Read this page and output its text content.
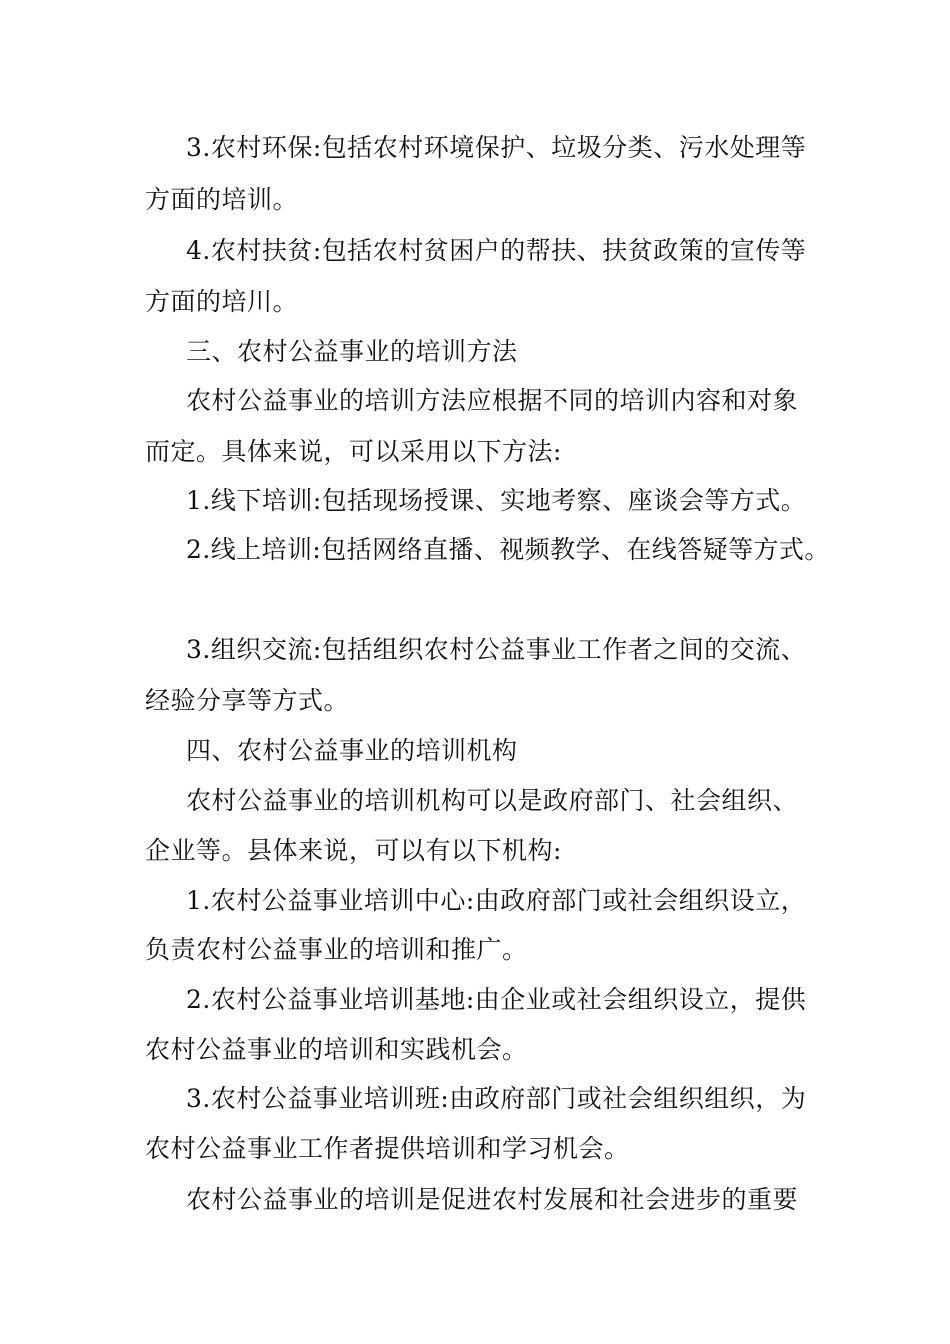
3.农村环保:包括农村环境保护、垃圾分类、污水处理等
方面的培训。
4.农村扶贫:包括农村贫困户的帮扶、扶贫政策的宣传等
方面的培川。
三、农村公益事业的培训方法
农村公益事业的培训方法应根据不同的培训内容和对象
而定。具体来说，可以采用以下方法:
1.线下培训:包括现场授课、实地考察、座谈会等方式。
2.线上培训:包括网络直播、视频教学、在线答疑等方式。
3.组织交流:包括组织农村公益事业工作者之间的交流、
经验分享等方式。
四、农村公益事业的培训机构
农村公益事业的培训机构可以是政府部门、社会组织、
企业等。县体来说，可以有以下机构:
1.农村公益事业培训中心:由政府部门或社会组织设立，
负责农村公益事业的培训和推广。
2.农村公益事业培训基地:由企业或社会组织设立，提供
农村公益事业的培训和实践机会。
3.农村公益事业培训班:由政府部门或社会组织组织，为
农村公益事业工作者提供培训和学习机会。
农村公益事业的培训是促进农村发展和社会进步的重要
